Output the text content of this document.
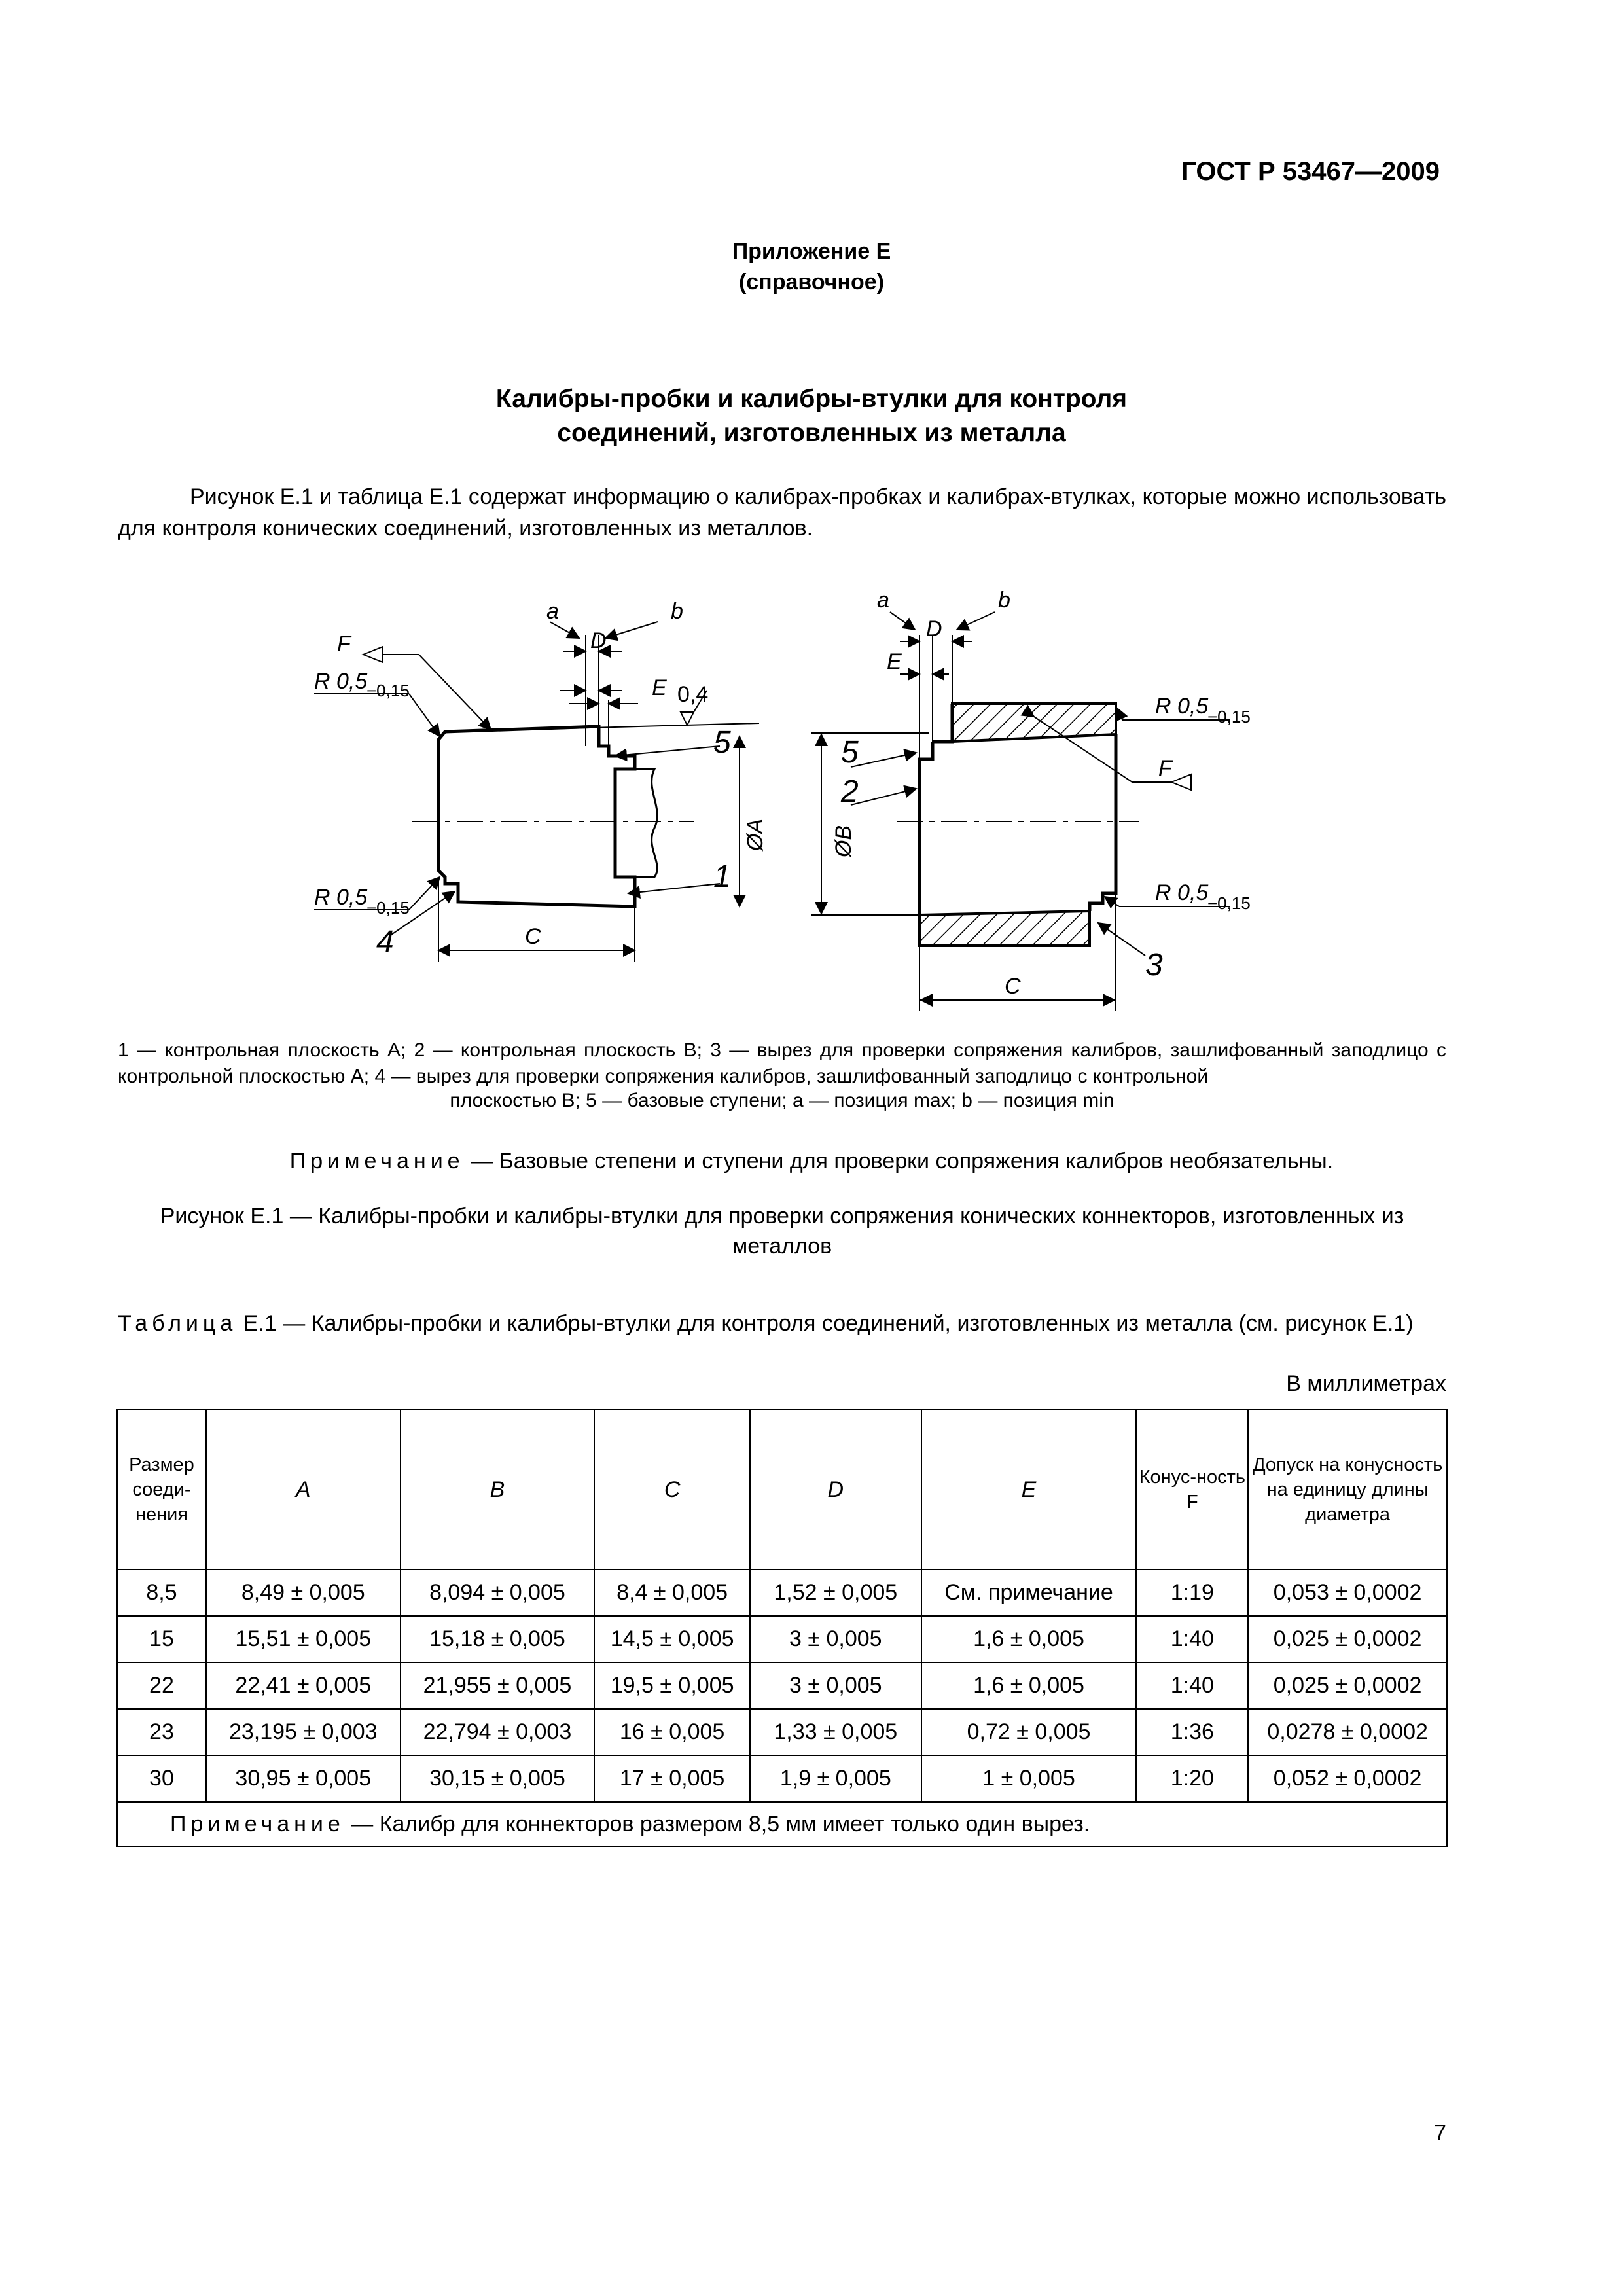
ГОСТ Р 53467—2009
Приложение Е
(справочное)
Калибры-пробки и калибры-втулки для контроля
соединений, изготовленных из металла
Рисунок Е.1 и таблица Е.1 содержат информацию о калибрах-пробках и калибрах-втулках, которые можно использовать для контроля конических соединений, изготовленных из металлов.
a	b
D
E
F
R 0,5
−0,15
R 0,5
−0,15
0,4
5
1
4	C
ØA
a	b
D
E
F
R 0,5
−0,15
R 0,5
−0,15
5
2
3
C
ØB
1 — контрольная плоскость A; 2 — контрольная плоскость B; 3 — вырез для проверки сопряжения калибров, зашлифованный заподлицо с контрольной плоскостью A; 4 — вырез для проверки сопряжения калибров, зашлифованный заподлицо с контрольной
плоскостью B; 5 — базовые ступени; a — позиция max; b — позиция min
Примечание — Базовые степени и ступени для проверки сопряжения калибров необязательны.
Рисунок Е.1 — Калибры-пробки и калибры-втулки для проверки сопряжения конических коннекторов, изготовленных из металлов
Таблица Е.1 — Калибры-пробки и калибры-втулки для контроля соединений, изготовленных из металла (см. рисунок Е.1)
В миллиметрах
Размер соеди-нения	A	B	C	D	E	Конус-ность F	Допуск на конусность на единицу длины диаметра
8,5	8,49 ± 0,005	8,094 ± 0,005	8,4 ± 0,005	1,52 ± 0,005	См. примечание	1:19	0,053 ± 0,0002
15	15,51 ± 0,005	15,18 ± 0,005	14,5 ± 0,005	3 ± 0,005	1,6 ± 0,005	1:40	0,025 ± 0,0002
22	22,41 ± 0,005	21,955 ± 0,005	19,5 ± 0,005	3 ± 0,005	1,6 ± 0,005	1:40	0,025 ± 0,0002
23	23,195 ± 0,003	22,794 ± 0,003	16 ± 0,005	1,33 ± 0,005	0,72 ± 0,005	1:36	0,0278 ± 0,0002
30	30,95 ± 0,005	30,15 ± 0,005	17 ± 0,005	1,9 ± 0,005	1 ± 0,005	1:20	0,052 ± 0,0002
Примечание — Калибр для коннекторов размером 8,5 мм имеет только один вырез.							
7
